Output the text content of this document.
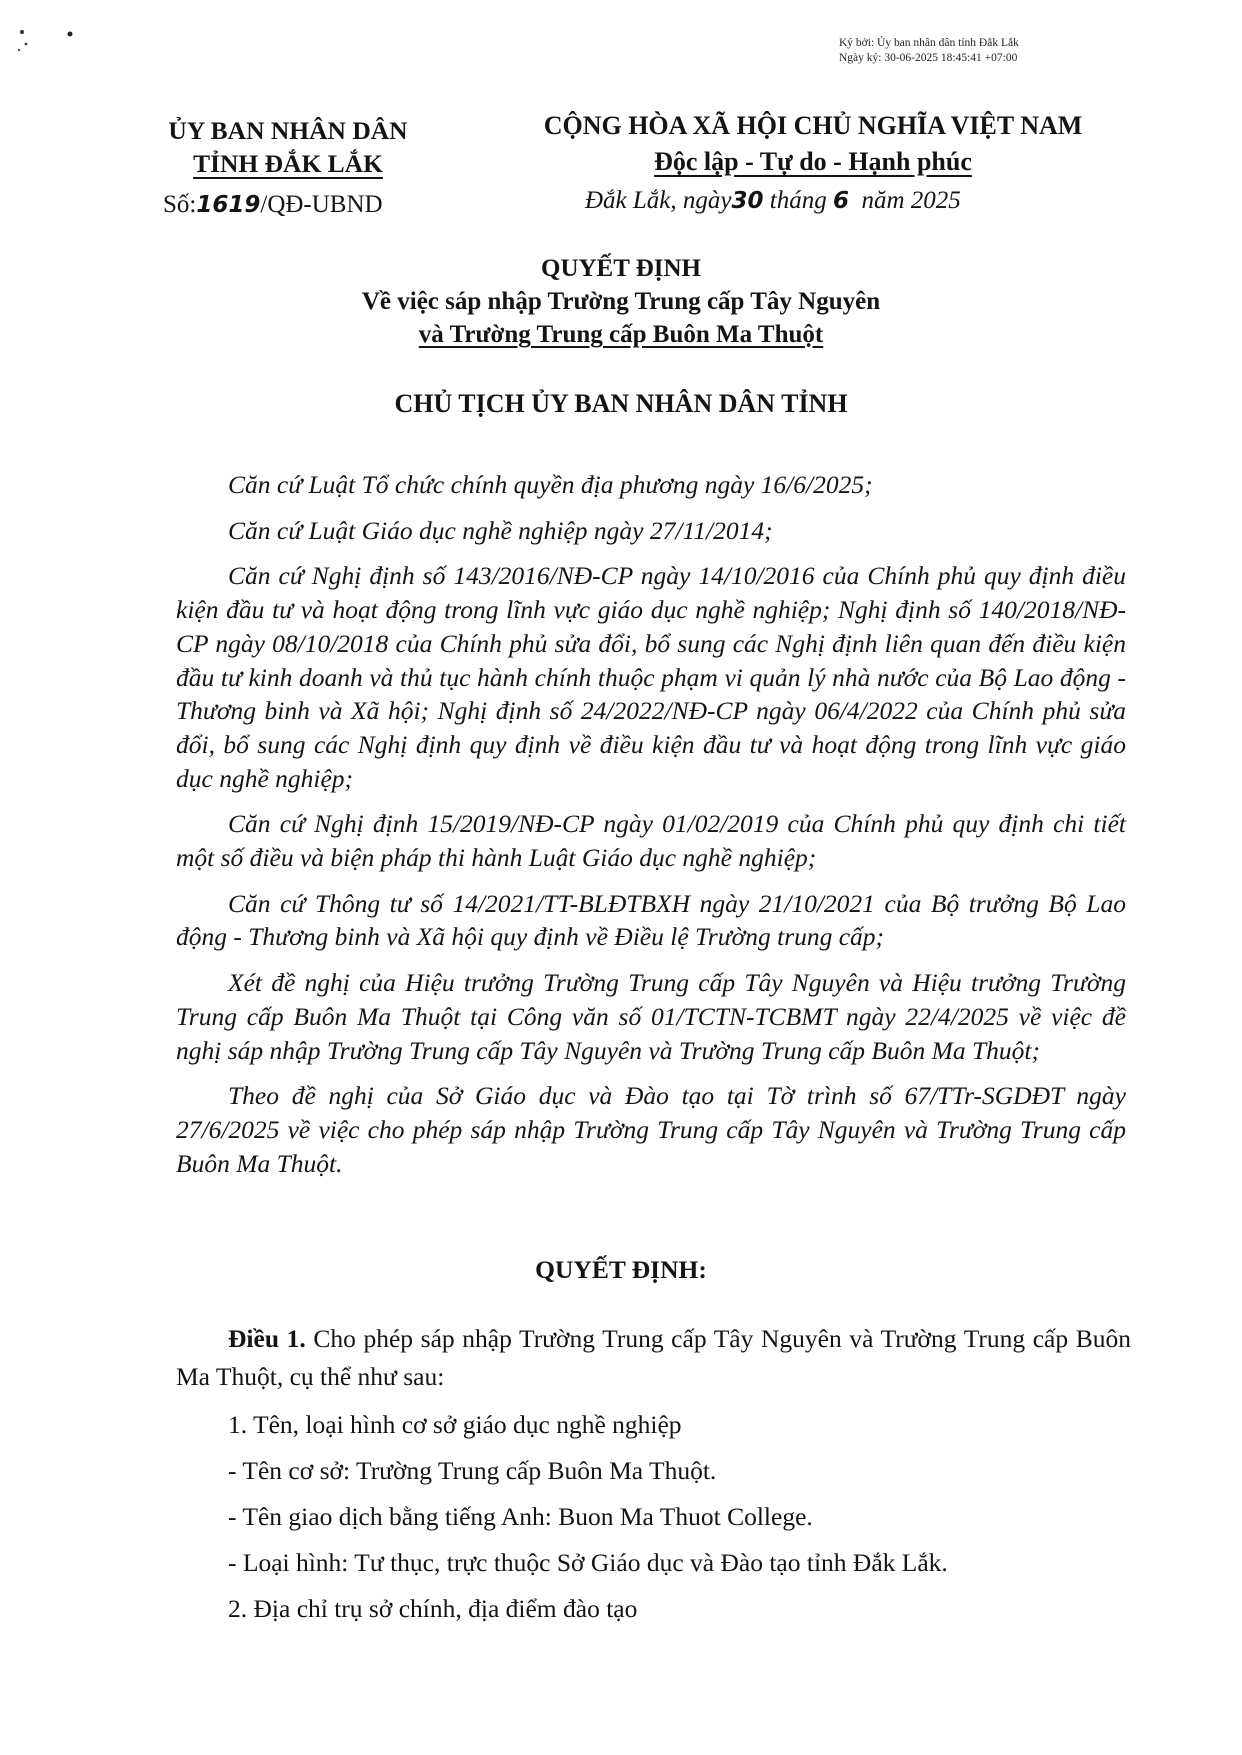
Ký bởi: Ủy ban nhân dân tỉnh Đắk Lắk
Ngày ký: 30-06-2025 18:45:41 +07:00
ỦY BAN NHÂN DÂN
TỈNH ĐẮK LẮK
Số:1619/QĐ-UBND
CỘNG HÒA XÃ HỘI CHỦ NGHĨA VIỆT NAM
Độc lập - Tự do - Hạnh phúc
Đắk Lắk, ngày30 tháng 6 năm 2025
QUYẾT ĐỊNH
Về việc sáp nhập Trường Trung cấp Tây Nguyên
và Trường Trung cấp Buôn Ma Thuột
CHỦ TỊCH ỦY BAN NHÂN DÂN TỈNH

Căn cứ Luật Tổ chức chính quyền địa phương ngày 16/6/2025;

Căn cứ Luật Giáo dục nghề nghiệp ngày 27/11/2014;

Căn cứ Nghị định số 143/2016/NĐ-CP ngày 14/10/2016 của Chính phủ quy định điều kiện đầu tư và hoạt động trong lĩnh vực giáo dục nghề nghiệp; Nghị định số 140/2018/NĐ-CP ngày 08/10/2018 của Chính phủ sửa đổi, bổ sung các Nghị định liên quan đến điều kiện đầu tư kinh doanh và thủ tục hành chính thuộc phạm vi quản lý nhà nước của Bộ Lao động - Thương binh và Xã hội; Nghị định số 24/2022/NĐ-CP ngày 06/4/2022 của Chính phủ sửa đổi, bổ sung các Nghị định quy định về điều kiện đầu tư và hoạt động trong lĩnh vực giáo dục nghề nghiệp;

Căn cứ Nghị định 15/2019/NĐ-CP ngày 01/02/2019 của Chính phủ quy định chi tiết một số điều và biện pháp thi hành Luật Giáo dục nghề nghiệp;

Căn cứ Thông tư số 14/2021/TT-BLĐTBXH ngày 21/10/2021 của Bộ trưởng Bộ Lao động - Thương binh và Xã hội quy định về Điều lệ Trường trung cấp;

Xét đề nghị của Hiệu trưởng Trường Trung cấp Tây Nguyên và Hiệu trưởng Trường Trung cấp Buôn Ma Thuột tại Công văn số 01/TCTN-TCBMT ngày 22/4/2025 về việc đề nghị sáp nhập Trường Trung cấp Tây Nguyên và Trường Trung cấp Buôn Ma Thuột;

Theo đề nghị của Sở Giáo dục và Đào tạo tại Tờ trình số 67/TTr-SGDĐT ngày 27/6/2025 về việc cho phép sáp nhập Trường Trung cấp Tây Nguyên và Trường Trung cấp Buôn Ma Thuột.

QUYẾT ĐỊNH:

Điều 1. Cho phép sáp nhập Trường Trung cấp Tây Nguyên và Trường Trung cấp Buôn Ma Thuột, cụ thể như sau:

1. Tên, loại hình cơ sở giáo dục nghề nghiệp

- Tên cơ sở: Trường Trung cấp Buôn Ma Thuột.

- Tên giao dịch bằng tiếng Anh: Buon Ma Thuot College.

- Loại hình: Tư thục, trực thuộc Sở Giáo dục và Đào tạo tỉnh Đắk Lắk.

2. Địa chỉ trụ sở chính, địa điểm đào tạo
